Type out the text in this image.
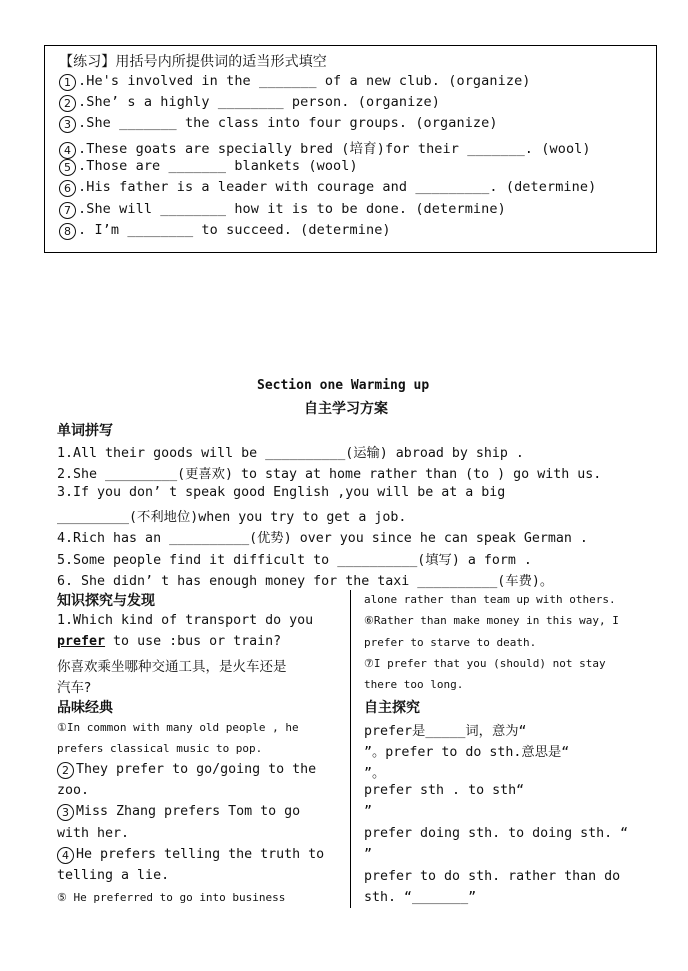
【练习】用括号内所提供词的适当形式填空
1 .He's involved in the _______ of a new club. (organize)
2 .She’ s a highly ________ person. (organize)
3 .She _______ the class into four groups. (organize)
4 .These goats are specially bred (培育)for their _______. (wool)
5 .Those are _______ blankets (wool)
6 .His father is a leader with courage and _________. (determine)
7 .She will ________ how it is to be done. (determine)
8 . I’m ________ to succeed. (determine)
Section one Warming up
自主学习方案
单词拼写
1.All their goods will be __________(运输) abroad by ship .
2.She _________(更喜欢) to stay at home rather than (to ) go with us.
3.If you don’ t speak good English ,you will be at a big
_________(不利地位)when you try to get a job.
4.Rich has an __________(优势) over you since he can speak German .
5.Some people find it difficult to __________(填写) a form .
6. She didn’ t has enough money for the taxi __________(车费)。
知识探究与发现
1.Which kind of transport do you
prefer to use :bus or train?
你喜欢乘坐哪种交通工具，是火车还是
汽车?
品味经典
①In common with many old people , he
prefers classical music to pop.
2 They prefer to go/going to the
zoo.
3 Miss Zhang prefers Tom to go
with her.
4 He prefers telling the truth to
telling a lie.
⑤ He preferred to go into business
alone rather than team up with others.
⑥Rather than make money in this way, I
prefer to starve to death.
⑦I prefer that you (should) not stay
there too long.
自主探究
prefer是_____词，意为“
”。prefer to do sth.意思是“
”。
prefer sth . to sth“
”
prefer doing sth. to doing sth. “
”
prefer to do sth. rather than do
sth. “_______”
